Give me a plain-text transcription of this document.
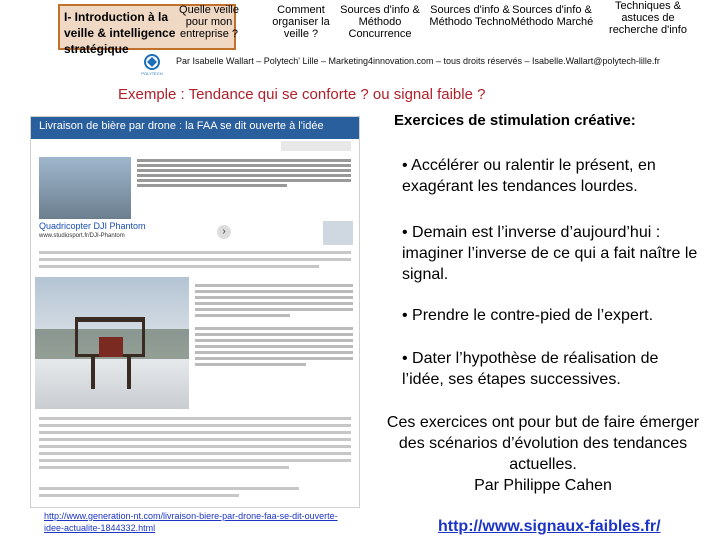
I- Introduction à la
veille & intelligence
stratégique
Quelle veille pour mon entreprise ?
Comment organiser la veille ?
Sources d'info & Méthodo Concurrence
Sources d'info & Méthodo Techno
Sources d'info & Méthodo Marché
Techniques & astuces de recherche d'info
POLYTECH
Par Isabelle Wallart – Polytech' Lille – Marketing4innovation.com – tous droits réservés – Isabelle.Wallart@polytech-lille.fr
Exemple : Tendance qui se conforte ? ou signal faible ?
Livraison de bière par drone : la FAA se dit ouverte à l'idée
Quadricopter DJI Phantom
www.studiosport.fr/DJI-Phantom	›
http://www.generation-nt.com/livraison-biere-par-drone-faa-se-dit-ouverte-idee-actualite-1844332.html
Exercices de stimulation créative:
• Accélérer ou ralentir le présent, en exagérant les tendances lourdes.
• Demain est l’inverse d’aujourd’hui : imaginer l’inverse de ce qui a fait naître le signal.
• Prendre le contre-pied de l’expert.
• Dater l’hypothèse de réalisation de l’idée, ses étapes successives.
Ces exercices ont pour but de faire émerger des scénarios d’évolution des tendances actuelles.
Par Philippe Cahen
http://www.signaux-faibles.fr/
